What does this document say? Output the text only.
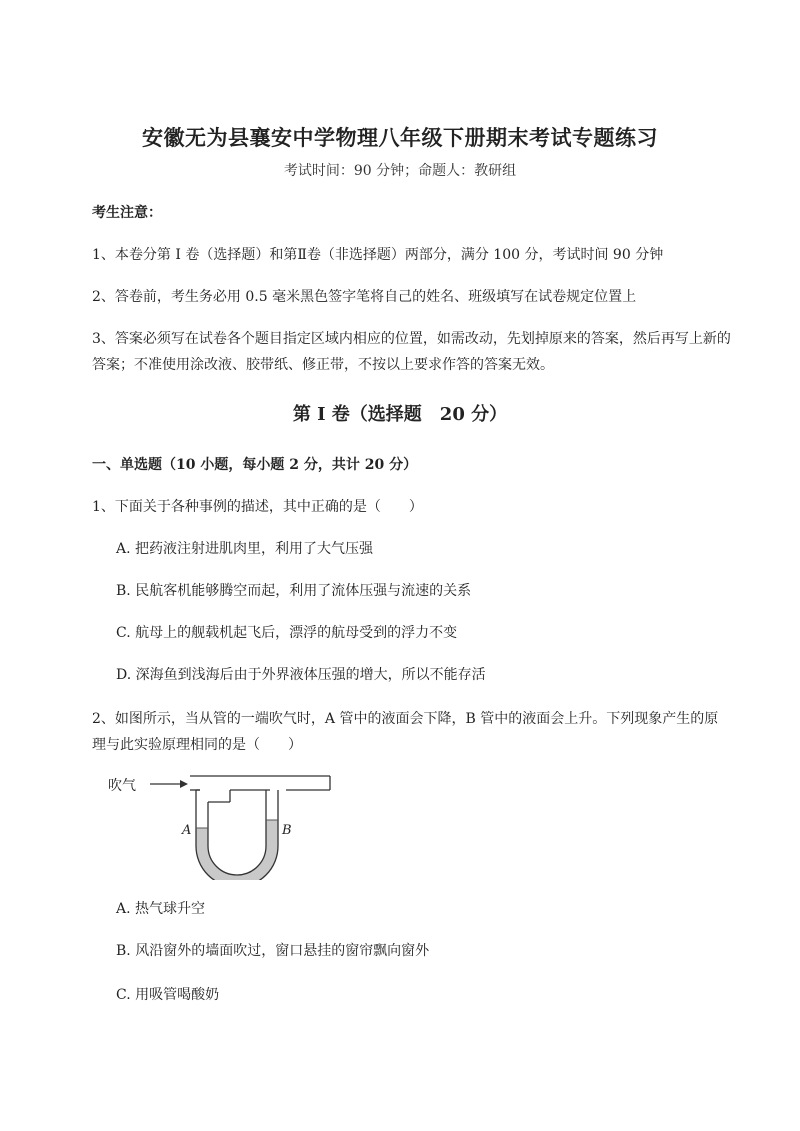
安徽无为县襄安中学物理八年级下册期末考试专题练习
考试时间：90 分钟；命题人：教研组
考生注意：
1、本卷分第 I 卷（选择题）和第Ⅱ卷（非选择题）两部分，满分 100 分，考试时间 90 分钟
2、答卷前，考生务必用 0.5 毫米黑色签字笔将自己的姓名、班级填写在试卷规定位置上
3、答案必须写在试卷各个题目指定区域内相应的位置，如需改动，先划掉原来的答案，然后再写上新的答案；不准使用涂改液、胶带纸、修正带，不按以上要求作答的答案无效。
第 I 卷（选择题　20 分）
一、单选题（10 小题，每小题 2 分，共计 20 分）
1、下面关于各种事例的描述，其中正确的是（　　）
A. 把药液注射进肌肉里，利用了大气压强
B. 民航客机能够腾空而起，利用了流体压强与流速的关系
C. 航母上的舰载机起飞后，漂浮的航母受到的浮力不变
D. 深海鱼到浅海后由于外界液体压强的增大，所以不能存活
2、如图所示，当从管的一端吹气时，A 管中的液面会下降，B 管中的液面会上升。下列现象产生的原理与此实验原理相同的是（　　）
吹气
A	B
A. 热气球升空
B. 风沿窗外的墙面吹过，窗口悬挂的窗帘飘向窗外
C. 用吸管喝酸奶
